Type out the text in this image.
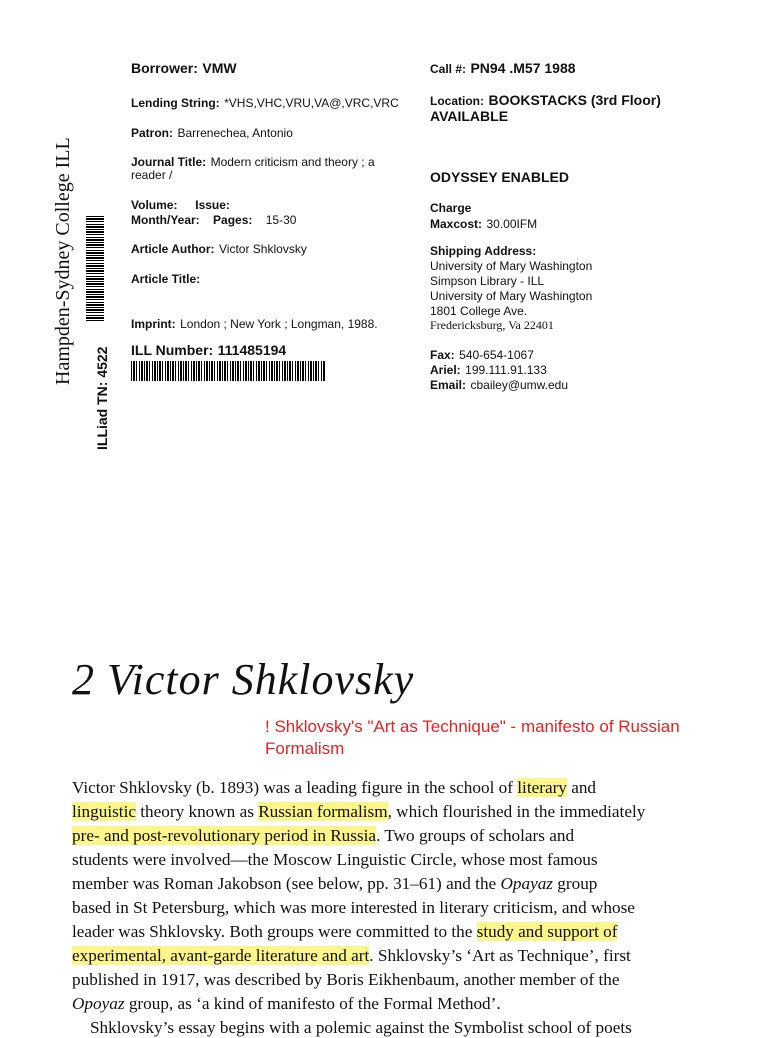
Hampden-Sydney College ILL
ILLiad TN: 4522
Borrower: VMW
Lending String: *VHS,VHC,VRU,VA@,VRC,VRC
Patron: Barrenechea, Antonio
Journal Title: Modern criticism and theory ; a
reader /
Volume: Issue:
Month/Year: Pages: 15-30
Article Author: Victor Shklovsky
Article Title:
Imprint: London ; New York ; Longman, 1988.
ILL Number: 111485194
Call #: PN94 .M57 1988
Location: BOOKSTACKS (3rd Floor)
AVAILABLE
ODYSSEY ENABLED
Charge
Maxcost: 30.00IFM
Shipping Address:
University of Mary Washington
Simpson Library - ILL
University of Mary Washington
1801 College Ave.
Fredericksburg, Va 22401
Fax: 540-654-1067
Ariel: 199.111.91.133
Email: cbailey@umw.edu
2 Victor Shklovsky
! Shklovsky's "Art as Technique" - manifesto of Russian
Formalism
Victor Shklovsky (b. 1893) was a leading figure in the school of literary and
linguistic theory known as Russian formalism, which flourished in the immediately
pre- and post-revolutionary period in Russia. Two groups of scholars and
students were involved—the Moscow Linguistic Circle, whose most famous
member was Roman Jakobson (see below, pp. 31–61) and the Opayaz group
based in St Petersburg, which was more interested in literary criticism, and whose
leader was Shklovsky. Both groups were committed to the study and support of
experimental, avant-garde literature and art. Shklovsky’s ‘Art as Technique’, first
published in 1917, was described by Boris Eikhenbaum, another member of the
Opoyaz group, as ‘a kind of manifesto of the Formal Method’.
Shklovsky’s essay begins with a polemic against the Symbolist school of poets
